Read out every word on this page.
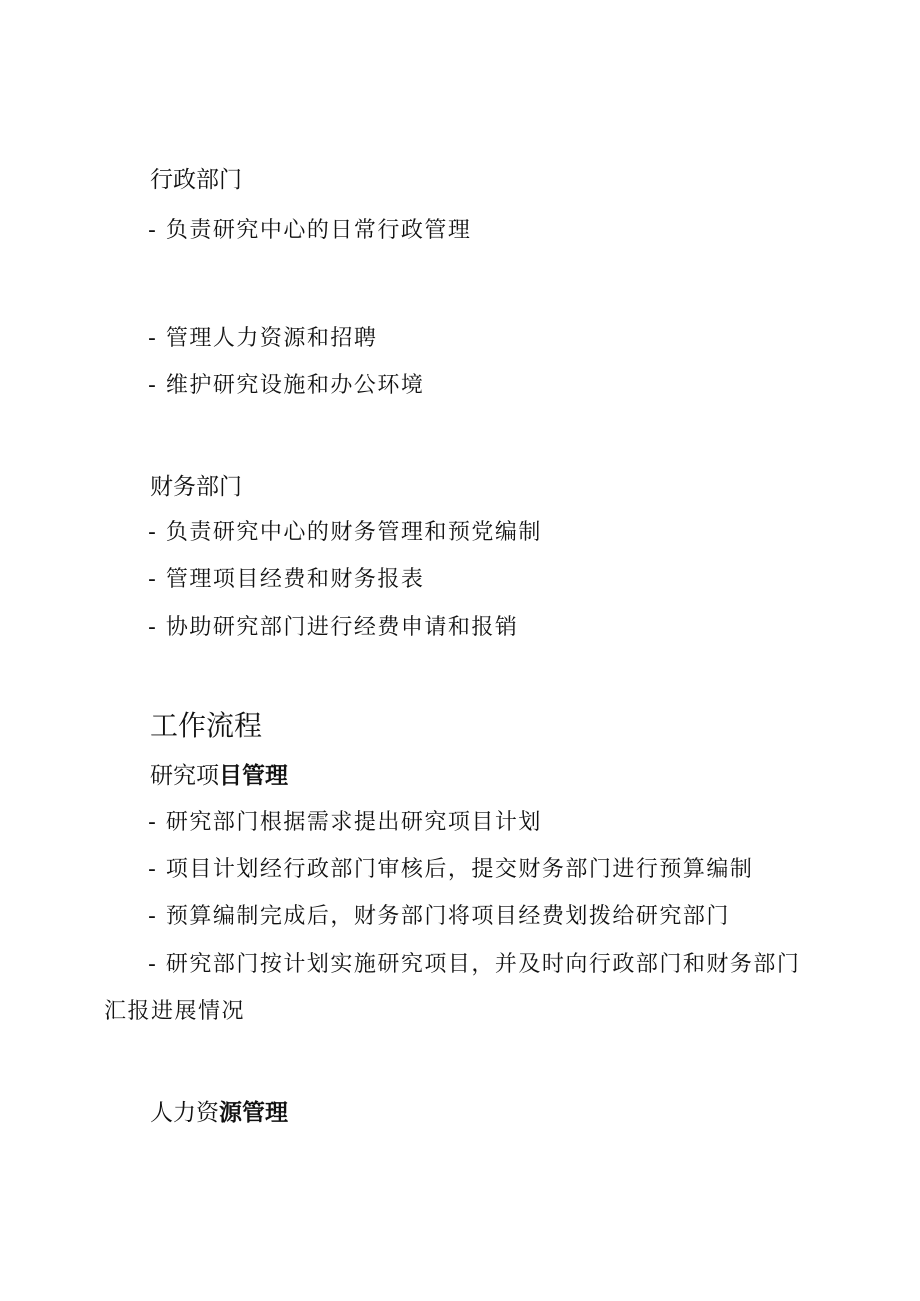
行政部门
- 负责研究中心的日常行政管理
- 管理人力资源和招聘
- 维护研究设施和办公环境
财务部门
- 负责研究中心的财务管理和预党编制
- 管理项目经费和财务报表
- 协助研究部门进行经费申请和报销
工作流程
研究项目管理
- 研究部门根据需求提出研究项目计划
- 项目计划经行政部门审核后，提交财务部门进行预算编制
- 预算编制完成后，财务部门将项目经费划拨给研究部门
- 研究部门按计划实施研究项目，并及时向行政部门和财务部门
汇报进展情况
人力资源管理
